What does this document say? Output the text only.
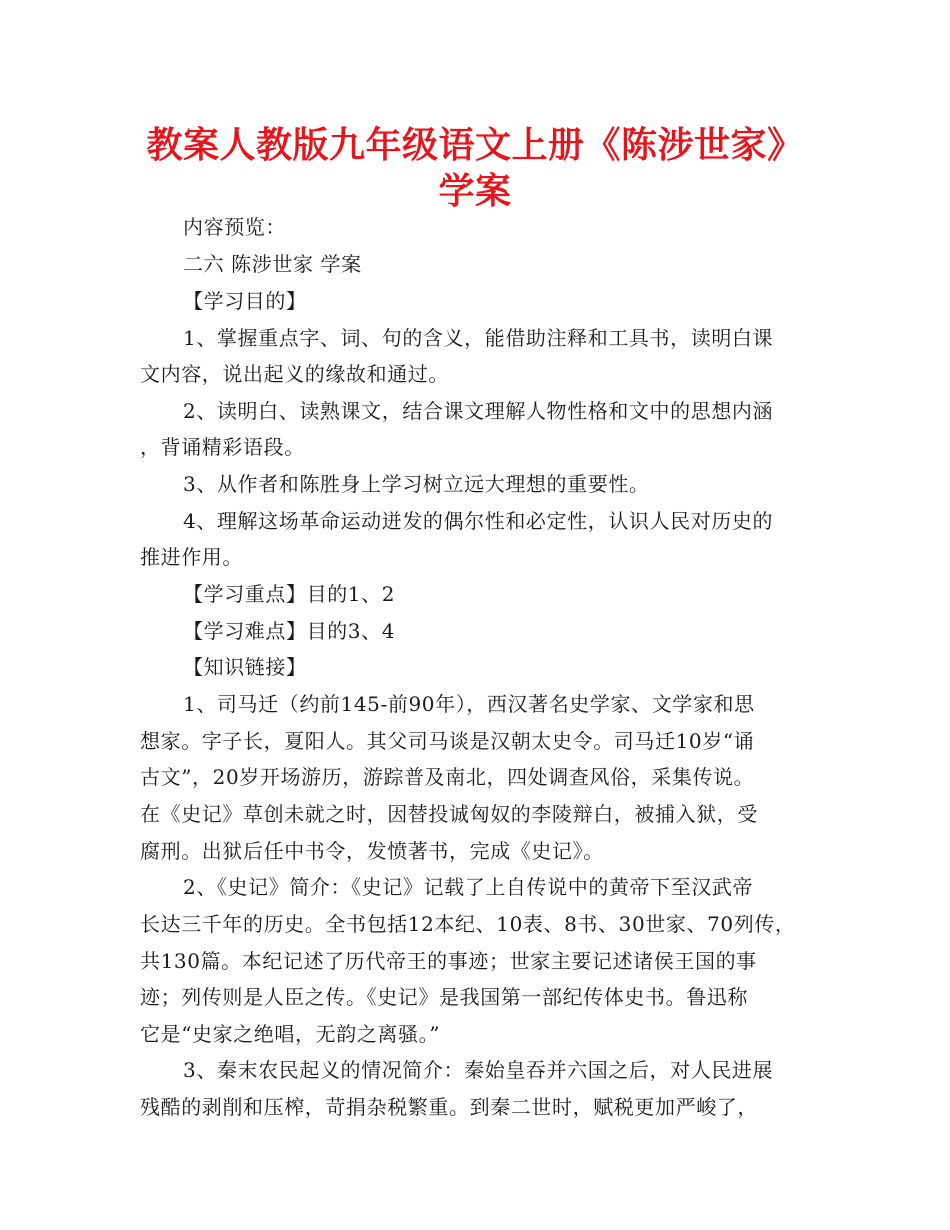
教案人教版九年级语文上册《陈涉世家》
学案
内容预览：
二六 陈涉世家 学案
【学习目的】
1、掌握重点字、词、句的含义，能借助注释和工具书，读明白课
文内容，说出起义的缘故和通过。
2、读明白、读熟课文，结合课文理解人物性格和文中的思想内涵
，背诵精彩语段。
3、从作者和陈胜身上学习树立远大理想的重要性。
4、理解这场革命运动迸发的偶尔性和必定性，认识人民对历史的
推进作用。
【学习重点】目的1、2
【学习难点】目的3、4
【知识链接】
1、司马迁（约前145-前90年），西汉著名史学家、文学家和思
想家。字子长，夏阳人。其父司马谈是汉朝太史令。司马迁10岁“诵
古文”，20岁开场游历，游踪普及南北，四处调查风俗，采集传说。
在《史记》草创未就之时，因替投诚匈奴的李陵辩白，被捕入狱，受
腐刑。出狱后任中书令，发愤著书，完成《史记》。
2、《史记》简介：《史记》记载了上自传说中的黄帝下至汉武帝
长达三千年的历史。全书包括12本纪、10表、8书、30世家、70列传，
共130篇。本纪记述了历代帝王的事迹；世家主要记述诸侯王国的事
迹；列传则是人臣之传。《史记》是我国第一部纪传体史书。鲁迅称
它是“史家之绝唱，无韵之离骚。”
3、秦末农民起义的情况简介：秦始皇吞并六国之后，对人民进展
残酷的剥削和压榨，苛捐杂税繁重。到秦二世时，赋税更加严峻了，
